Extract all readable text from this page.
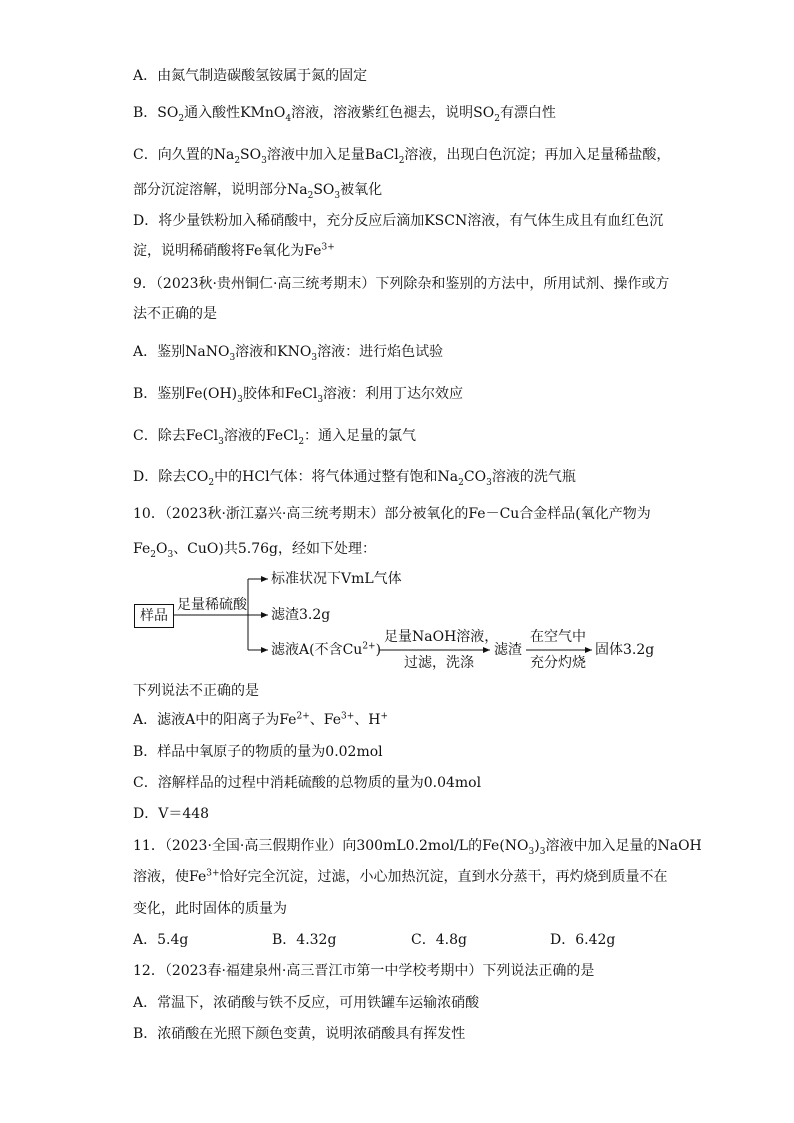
A．由氮气制造碳酸氢铵属于氮的固定
B．$SO_2$通入酸性KMnO$_4$溶液，溶液紫红色褪去，说明$SO_2$有漂白性
C．向久置的$Na_2SO_3$溶液中加入足量BaCl$_2$溶液，出现白色沉淀；再加入足量稀盐酸，
部分沉淀溶解，说明部分$Na_2SO_3$被氧化
D．将少量铁粉加入稀硝酸中，充分反应后滴加KSCN溶液，有气体生成且有血红色沉
淀，说明稀硝酸将Fe氧化为$Fe^{3+}$
9．（2023秋·贵州铜仁·高三统考期末）下列除杂和鉴别的方法中，所用试剂、操作或方
法不正确的是
A．鉴别NaNO$_3$溶液和$KNO_3$溶液：进行焰色试验
B．鉴别$Fe(OH)_3$胶体和FeCl$_3$溶液：利用丁达尔效应
C．除去FeCl$_3$溶液的FeCl$_2$：通入足量的氯气
D．除去$CO_2$中的HCl气体：将气体通过整有饱和$Na_2CO_3$溶液的洗气瓶
10．（2023秋·浙江嘉兴·高三统考期末）部分被氧化的Fe－Cu合金样品(氧化产物为
$Fe_2O_3$、CuO)共5.76g，经如下处理：
样品
足量稀硫酸
标准状况下VmL气体
滤渣3.2g
滤液A(不含$Cu^{2+}$)
足量NaOH溶液，
过滤，洗涤
滤渣
在空气中
充分灼烧
固体3.2g
下列说法不正确的是
A．滤液A中的阳离子为$Fe^{2+}$、$Fe^{3+}$、H+
B．样品中氧原子的物质的量为0.02mol
C．溶解样品的过程中消耗硫酸的总物质的量为0.04mol
D．V＝448
11．（2023·全国·高三假期作业）向300mL0.2mol/L的$Fe(NO_3)_3$溶液中加入足量的NaOH
溶液，使$Fe^{3+}$恰好完全沉淀，过滤，小心加热沉淀，直到水分蒸干，再灼烧到质量不在
变化，此时固体的质量为
A．5.4g	B．4.32g	C．4.8g	D．6.42g
12．（2023春·福建泉州·高三晋江市第一中学校考期中）下列说法正确的是
A．常温下，浓硝酸与铁不反应，可用铁罐车运输浓硝酸
B．浓硝酸在光照下颜色变黄，说明浓硝酸具有挥发性
